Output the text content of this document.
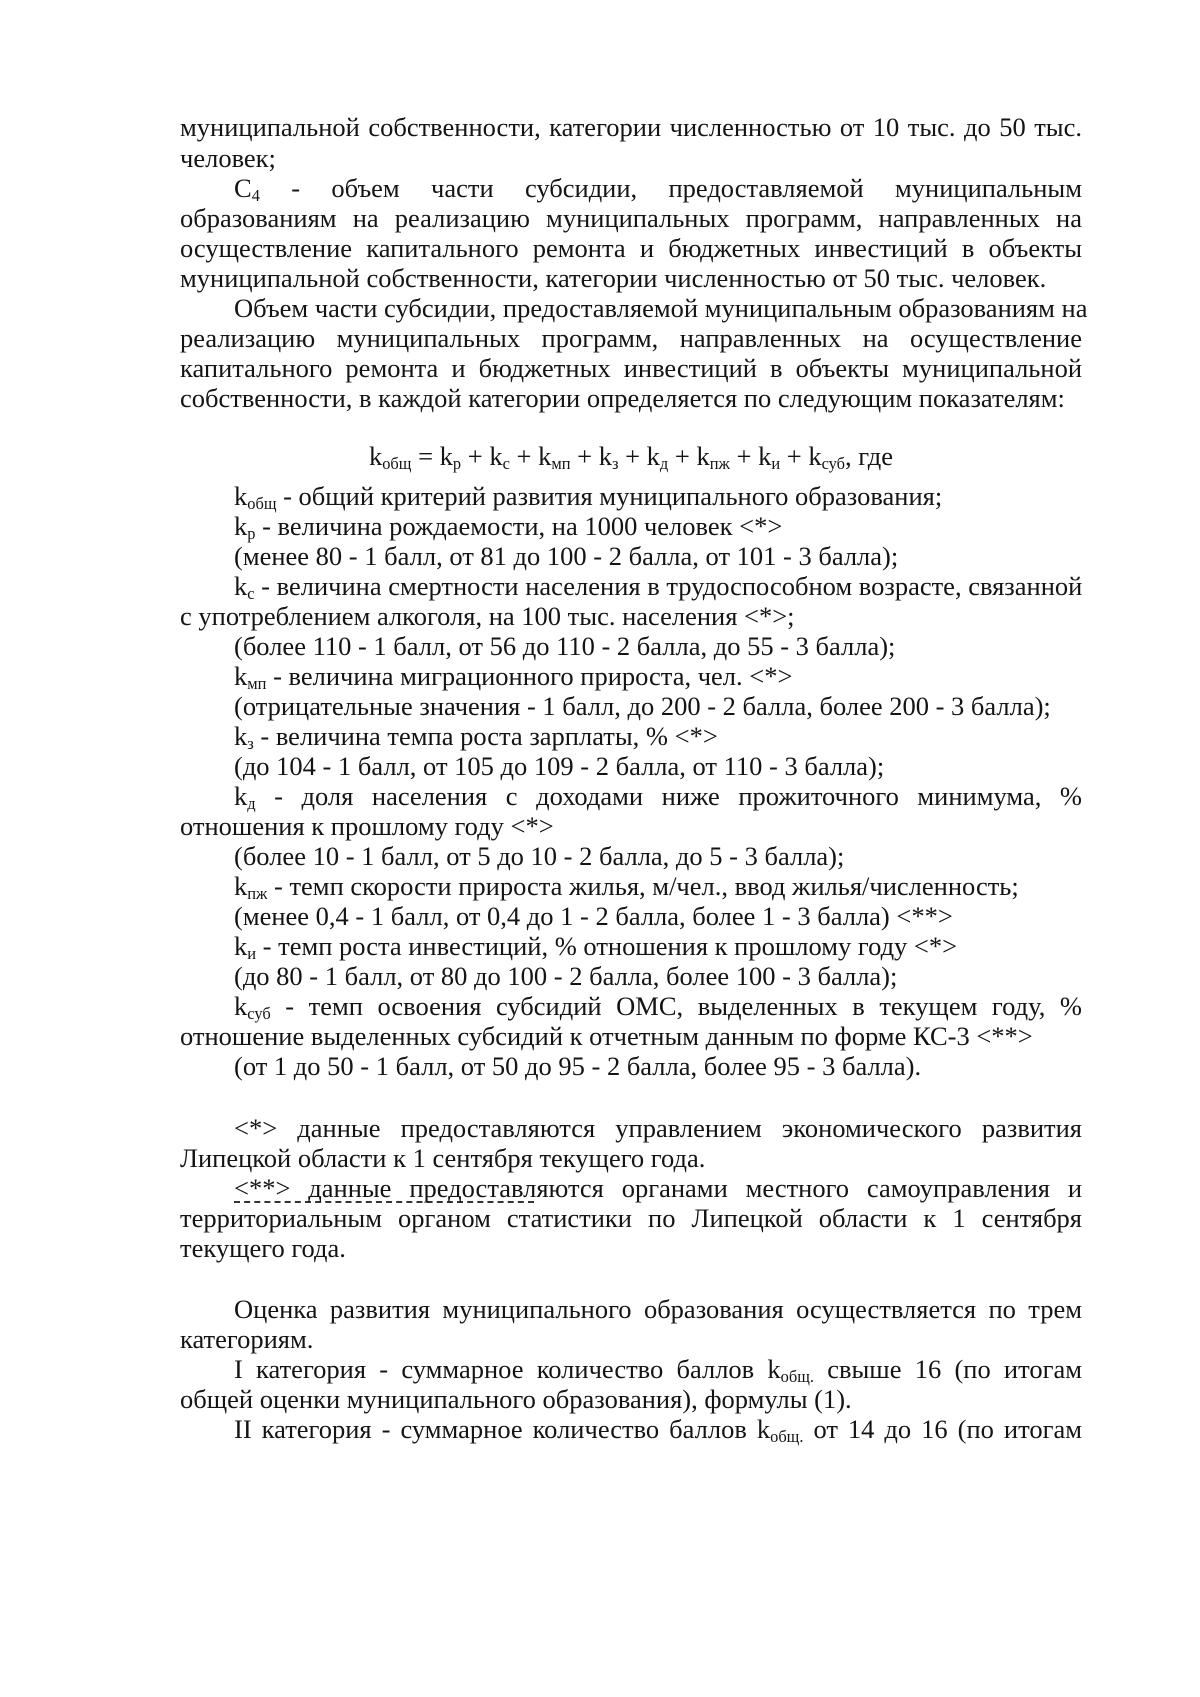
муниципальной собственности, категории численностью от 10 тыс. до 50 тыс.
человек;
$С_4$ - объем части субсидии, предоставляемой муниципальным
образованиям на реализацию муниципальных программ, направленных на
осуществление капитального ремонта и бюджетных инвестиций в объекты
муниципальной собственности, категории численностью от 50 тыс. человек.
Объем части субсидии, предоставляемой муниципальным образованиям на
реализацию муниципальных программ, направленных на осуществление
капитального ремонта и бюджетных инвестиций в объекты муниципальной
собственности, в каждой категории определяется по следующим показателям:
$k_{общ} = k_р + k_с + k_{мп} + k_з + k_д + k_{пж} + k_и + k_{суб}$, где
$k_{общ}$ - общий критерий развития муниципального образования;
$k_р$ - величина рождаемости, на 1000 человек <*>
(менее 80 - 1 балл, от 81 до 100 - 2 балла, от 101 - 3 балла);
$k_с$ - величина смертности населения в трудоспособном возрасте, связанной
с употреблением алкоголя, на 100 тыс. населения <*>;
(более 110 - 1 балл, от 56 до 110 - 2 балла, до 55 - 3 балла);
$k_{мп}$ - величина миграционного прироста, чел. <*>
(отрицательные значения - 1 балл, до 200 - 2 балла, более 200 - 3 балла);
$k_з$ - величина темпа роста зарплаты, % <*>
(до 104 - 1 балл, от 105 до 109 - 2 балла, от 110 - 3 балла);
$k_д$ - доля населения с доходами ниже прожиточного минимума, %
отношения к прошлому году <*>
(более 10 - 1 балл, от 5 до 10 - 2 балла, до 5 - 3 балла);
$k_{пж}$ - темп скорости прироста жилья, м/чел., ввод жилья/численность;
(менее 0,4 - 1 балл, от 0,4 до 1 - 2 балла, более 1 - 3 балла) <**>
$k_и$ - темп роста инвестиций, % отношения к прошлому году <*>
(до 80 - 1 балл, от 80 до 100 - 2 балла, более 100 - 3 балла);
$k_{суб}$ - темп освоения субсидий ОМС, выделенных в текущем году, %
отношение выделенных субсидий к отчетным данным по форме КС-3 <**>
(от 1 до 50 - 1 балл, от 50 до 95 - 2 балла, более 95 - 3 балла).
<*> данные предоставляются управлением экономического развития
Липецкой области к 1 сентября текущего года.
<**> данные предоставляются органами местного самоуправления и
территориальным органом статистики по Липецкой области к 1 сентября
текущего года.
Оценка развития муниципального образования осуществляется по трем
категориям.
I категория - суммарное количество баллов $k_{общ.}$ свыше 16 (по итогам
общей оценки муниципального образования), формулы (1).
II категория - суммарное количество баллов $k_{общ.}$ от 14 до 16 (по итогам
